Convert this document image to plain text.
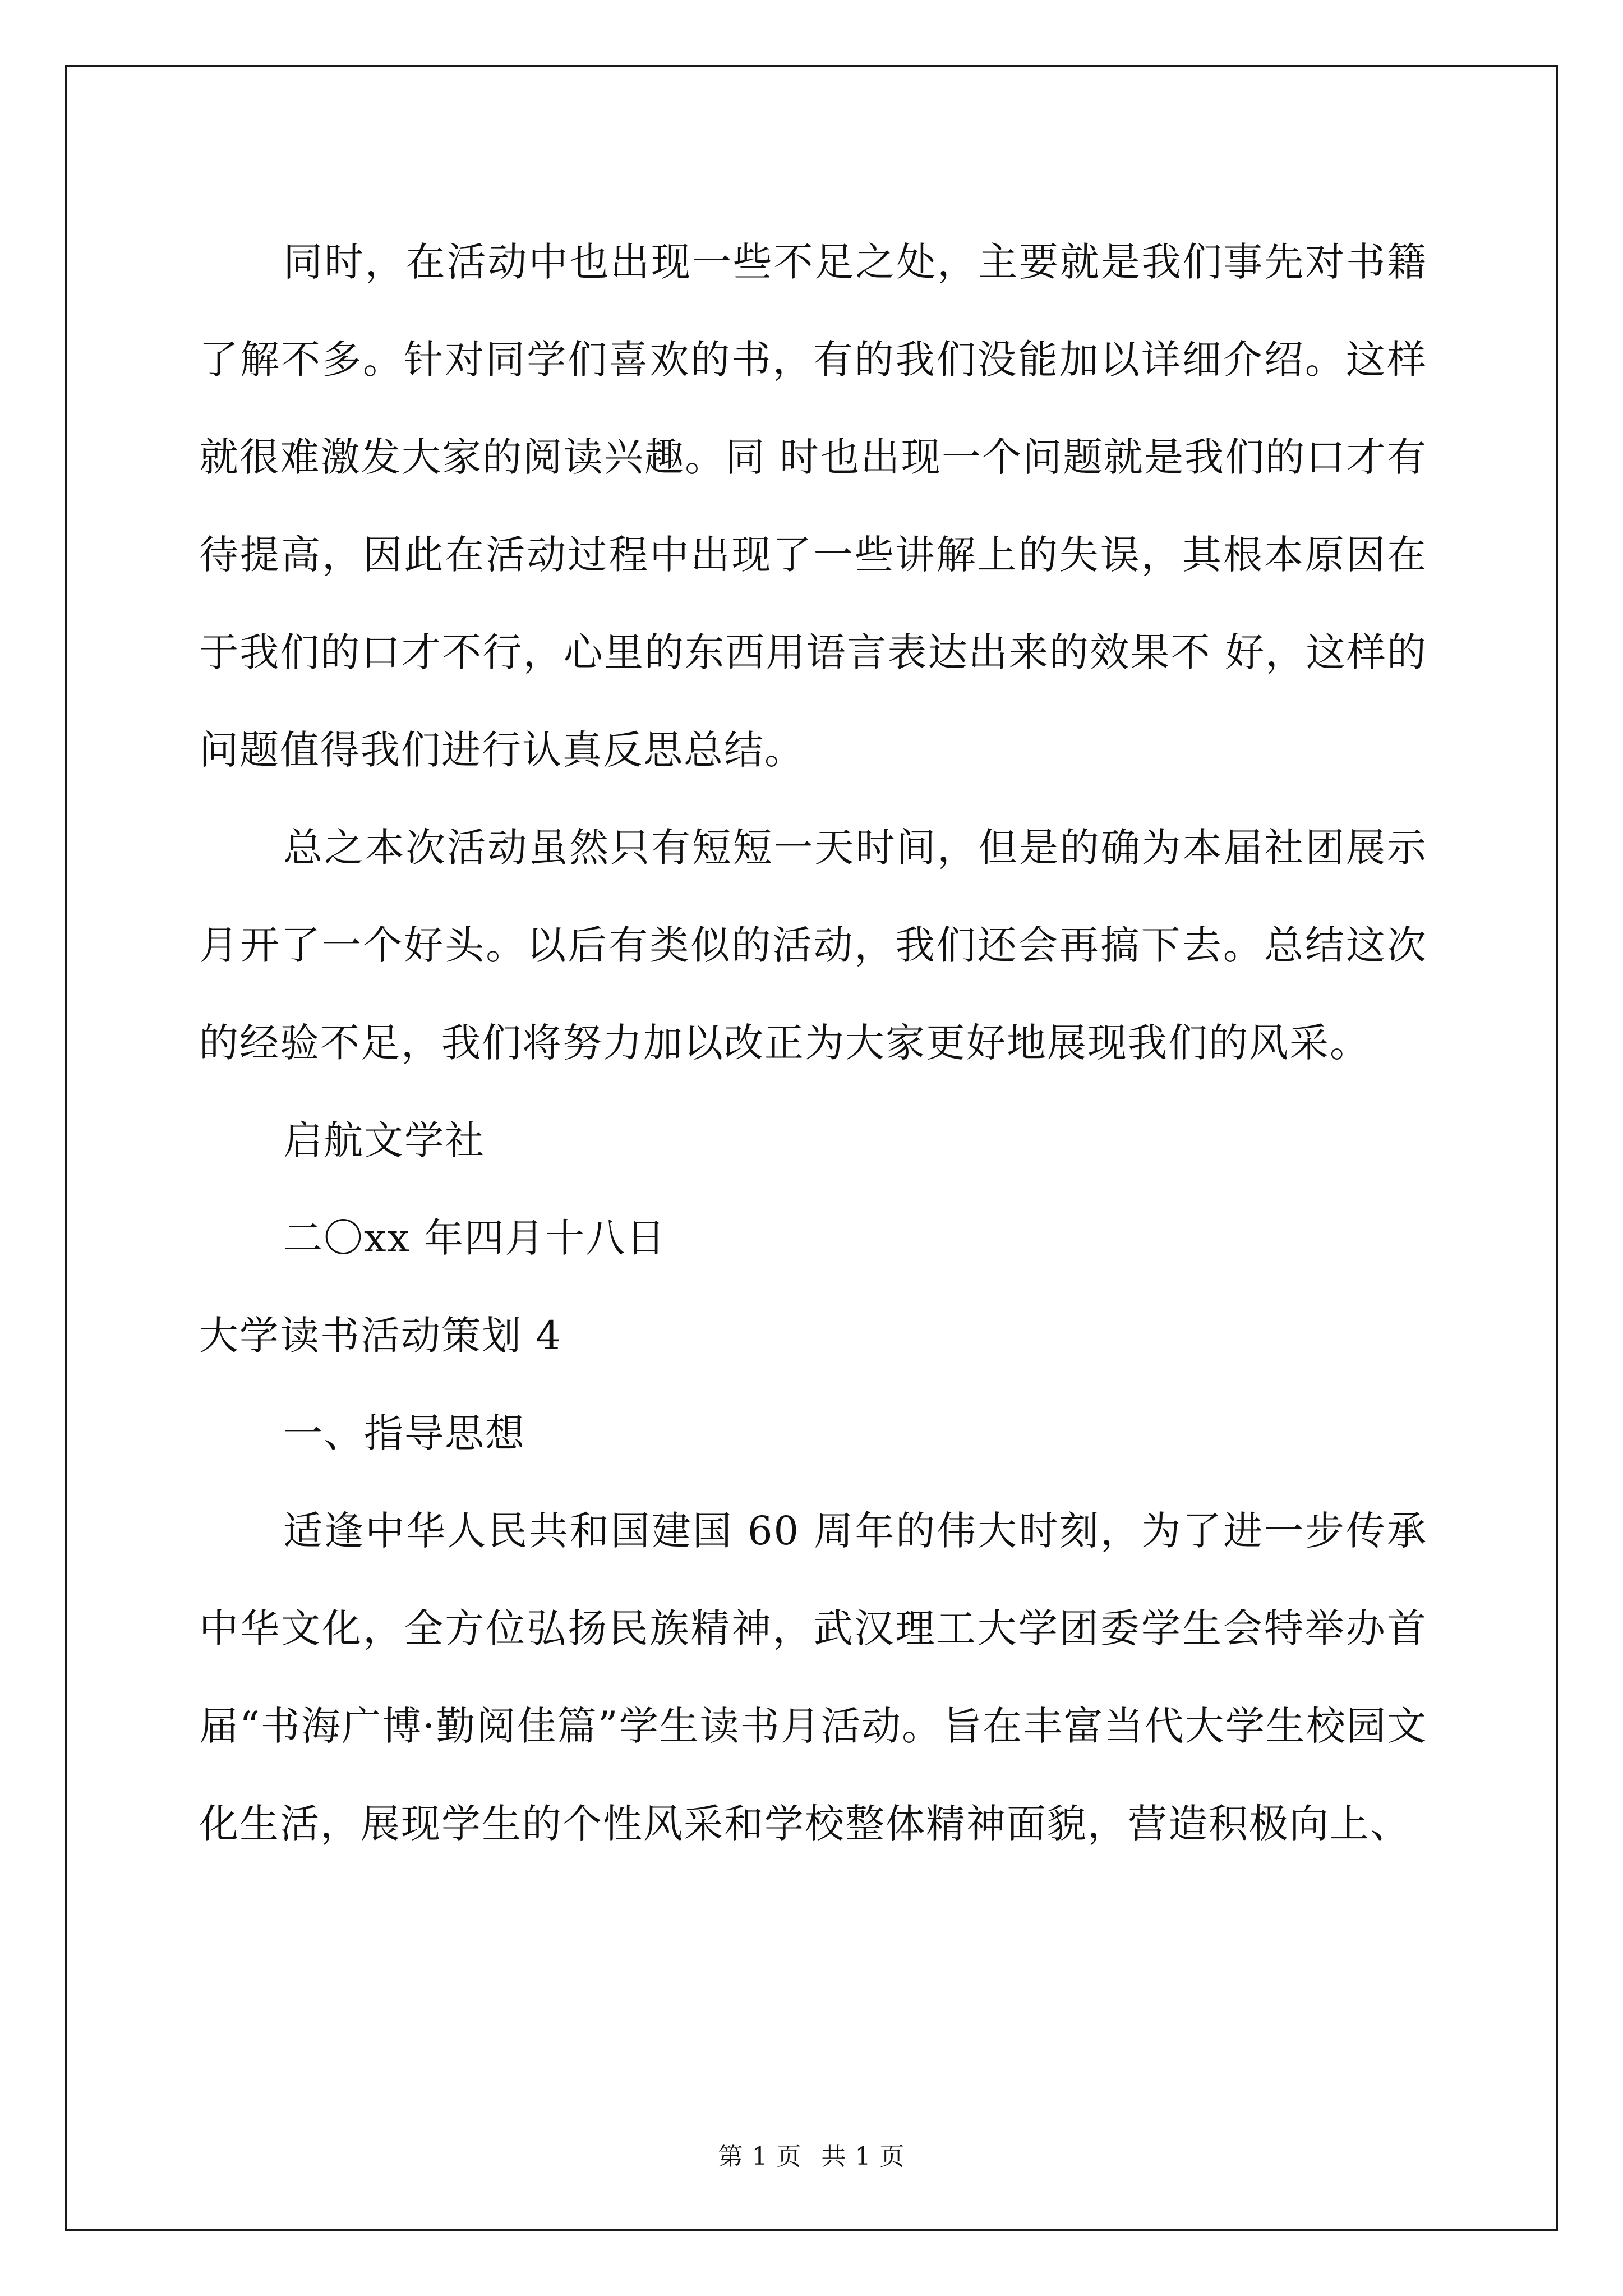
同时，在活动中也出现一些不足之处，主要就是我们事先对书籍了解不多。针对同学们喜欢的书，有的我们没能加以详细介绍。这样就很难激发大家的阅读兴趣。同 时也出现一个问题就是我们的口才有待提高，因此在活动过程中出现了一些讲解上的失误，其根本原因在于我们的口才不行，心里的东西用语言表达出来的效果不 好，这样的问题值得我们进行认真反思总结。

总之本次活动虽然只有短短一天时间，但是的确为本届社团展示月开了一个好头。以后有类似的活动，我们还会再搞下去。总结这次的经验不足，我们将努力加以改正为大家更好地展现我们的风采。

启航文学社

二〇xx 年四月十八日

大学读书活动策划 4

一、指导思想

适逢中华人民共和国建国 60 周年的伟大时刻，为了进一步传承中华文化，全方位弘扬民族精神，武汉理工大学团委学生会特举办首届“书海广博·勤阅佳篇”学生读书月活动。旨在丰富当代大学生校园文化生活，展现学生的个性风采和学校整体精神面貌，营造积极向上、

第 1 页 共 1 页
